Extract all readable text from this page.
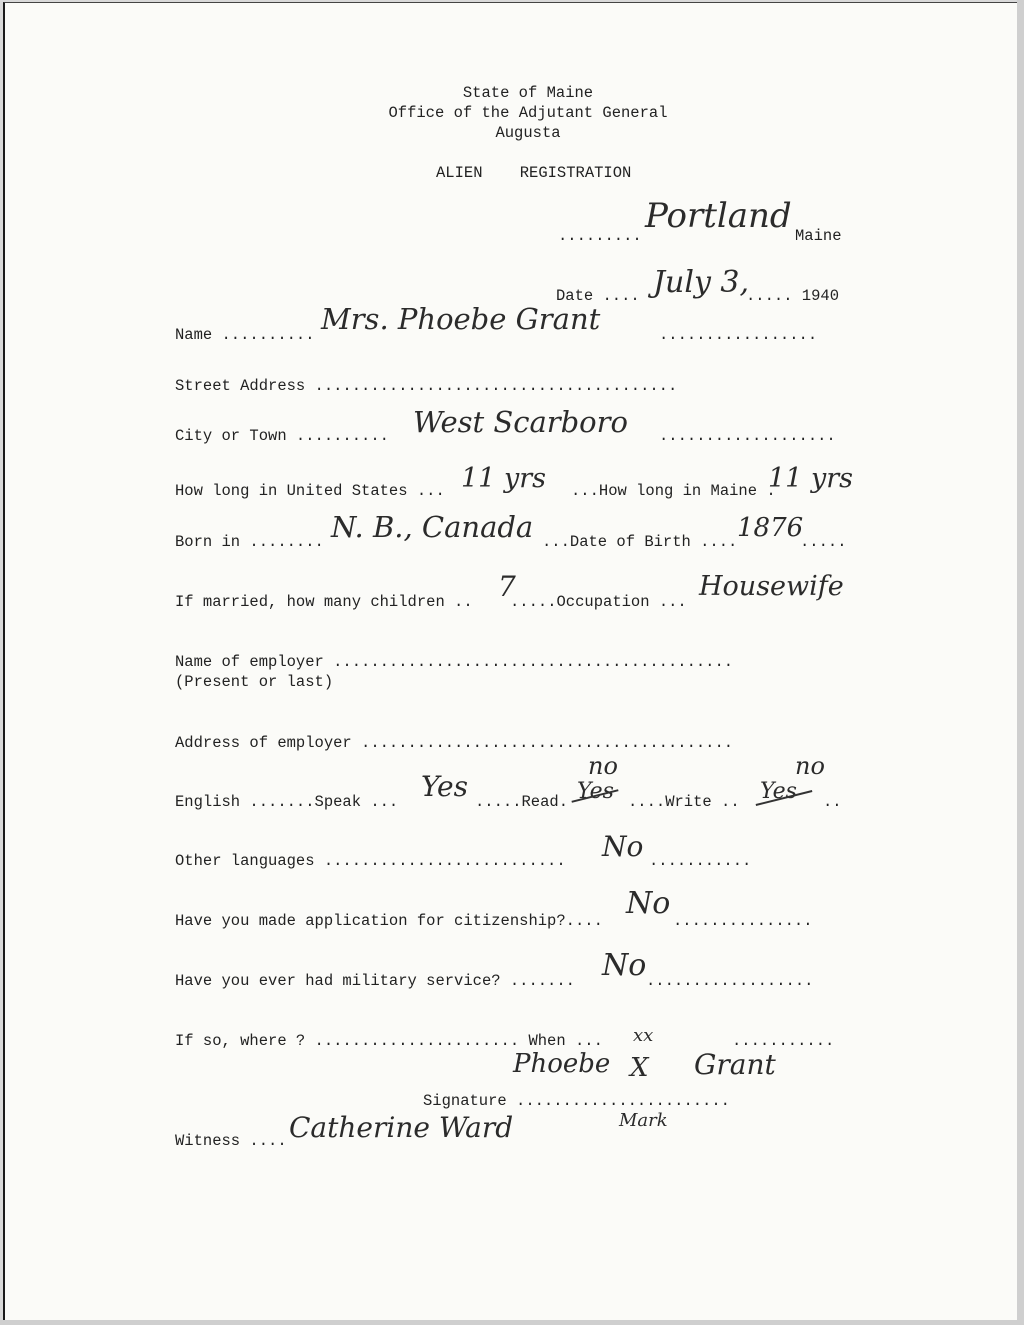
State of Maine
Office of the Adjutant General
Augusta
ALIEN    REGISTRATION
......... Portland Maine
Date .... July 3,
..... 1940
Name .......... Mrs. Phoebe Grant	.................
Street Address .......................................
City or Town .......... West Scarboro ...................
How long in United States ... 11 yrs ...How long in Maine .
11 yrs
Born in ........ N. B., Canada ...Date of Birth .... 1876
.....
If married, how many children .. 7
.....Occupation ... Housewife
Name of employer ...........................................
(Present or last)
Address of employer ........................................
English .......Speak ... Yes .....Read. Yes
no
....Write .. Yes
no
..
Other languages .......................... No ...........
Have you made application for citizenship?.... No ...............
Have you ever had military service? ....... No ..................
If so, where ? ...................... When ... xx	...........
Phoebe X Grant
Signature .......................
Mark
Witness .... Catherine Ward
